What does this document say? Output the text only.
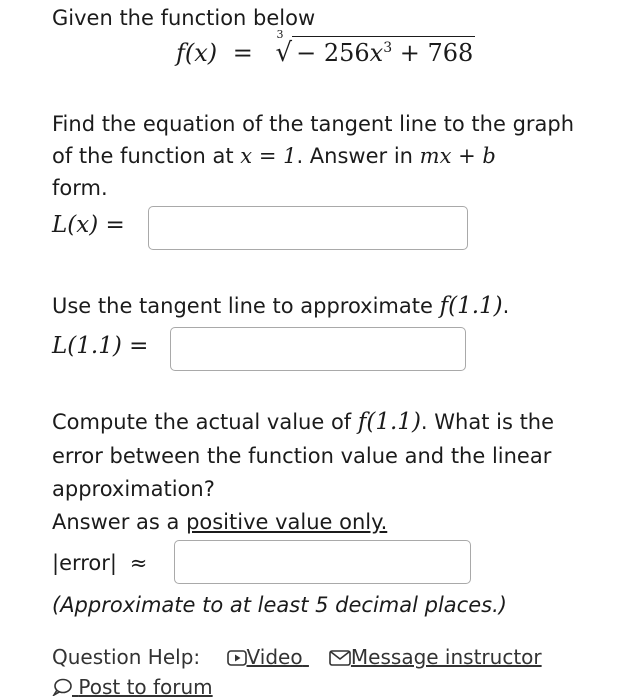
Given the function below
$f(x) = ^3√ - 256x^3 + 768$
Find the equation of the tangent line to the graph
of the function at x = 1. Answer in mx + b
form.
L(x) =
Use the tangent line to approximate f(1.1).
L(1.1) =
Compute the actual value of f(1.1). What is the
error between the function value and the linear
approximation?
Answer as a positive value only.
|error| ≈
(Approximate to at least 5 decimal places.)
Question Help: Video Message instructor
Post to forum
